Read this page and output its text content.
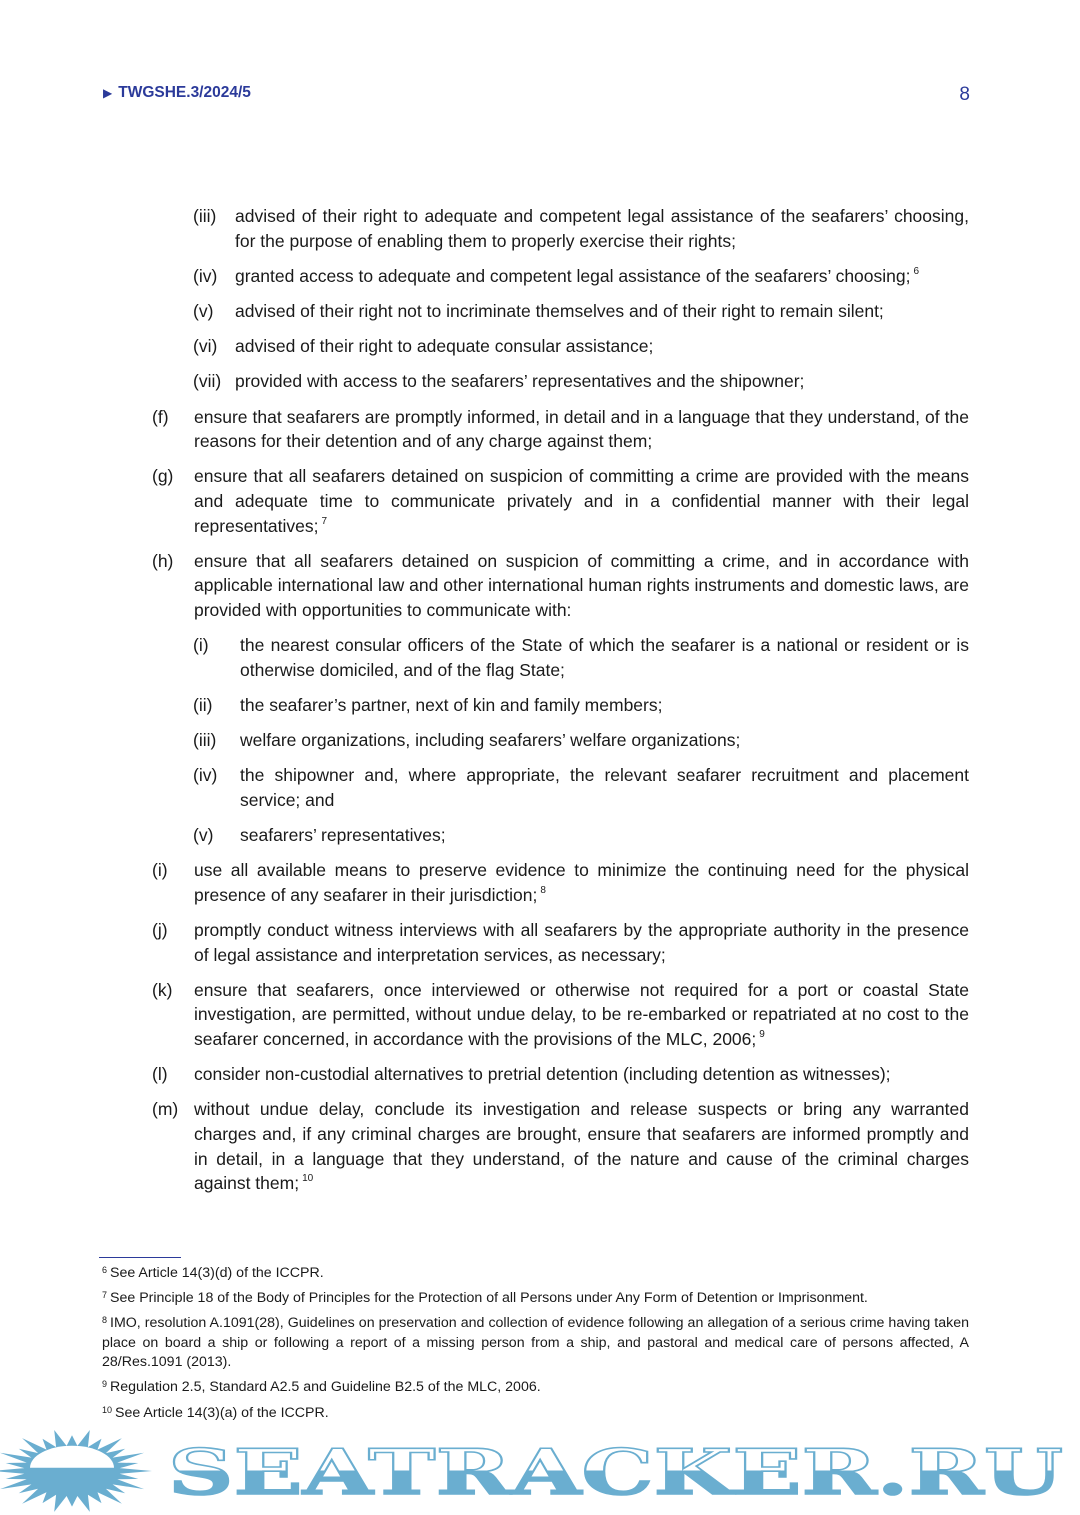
▶ TWGSHE.3/2024/5	8
(iii)	advised of their right to adequate and competent legal assistance of the seafarers’ choosing, for the purpose of enabling them to properly exercise their rights;
(iv)	granted access to adequate and competent legal assistance of the seafarers’ choosing; $^6$
(v)	advised of their right not to incriminate themselves and of their right to remain silent;
(vi)	advised of their right to adequate consular assistance;
(vii) provided with access to the seafarers’ representatives and the shipowner;
(f)	ensure that seafarers are promptly informed, in detail and in a language that they understand, of the reasons for their detention and of any charge against them;
(g)	ensure that all seafarers detained on suspicion of committing a crime are provided with the means and adequate time to communicate privately and in a confidential manner with their legal representatives; $^7$
(h)	ensure that all seafarers detained on suspicion of committing a crime, and in accordance with applicable international law and other international human rights instruments and domestic laws, are provided with opportunities to communicate with:
(i)	the nearest consular officers of the State of which the seafarer is a national or resident or is otherwise domiciled, and of the flag State;
(ii)	the seafarer’s partner, next of kin and family members;
(iii)	welfare organizations, including seafarers’ welfare organizations;
(iv)	the shipowner and, where appropriate, the relevant seafarer recruitment and placement service; and
(v)	seafarers’ representatives;
(i)	use all available means to preserve evidence to minimize the continuing need for the physical presence of any seafarer in their jurisdiction; $^8$
(j)	promptly conduct witness interviews with all seafarers by the appropriate authority in the presence of legal assistance and interpretation services, as necessary;
(k)	ensure that seafarers, once interviewed or otherwise not required for a port or coastal State investigation, are permitted, without undue delay, to be re-embarked or repatriated at no cost to the seafarer concerned, in accordance with the provisions of the MLC, 2006; $^9$
(l)	consider non-custodial alternatives to pretrial detention (including detention as witnesses);
(m) without undue delay, conclude its investigation and release suspects or bring any warranted charges and, if any criminal charges are brought, ensure that seafarers are informed promptly and in detail, in a language that they understand, of the nature and cause of the criminal charges against them; $^{10}$
$^6$ See Article 14(3)(d) of the ICCPR.
$^7$ See Principle 18 of the Body of Principles for the Protection of all Persons under Any Form of Detention or Imprisonment.
$^8$ IMO, resolution A.1091(28), Guidelines on preservation and collection of evidence following an allegation of a serious crime having taken place on board a ship or following a report of a missing person from a ship, and pastoral and medical care of persons affected, A 28/Res.1091 (2013).
$^9$ Regulation 2.5, Standard A2.5 and Guideline B2.5 of the MLC, 2006.
$^{10}$ See Article 14(3)(a) of the ICCPR.
SEATRACKER.RU
